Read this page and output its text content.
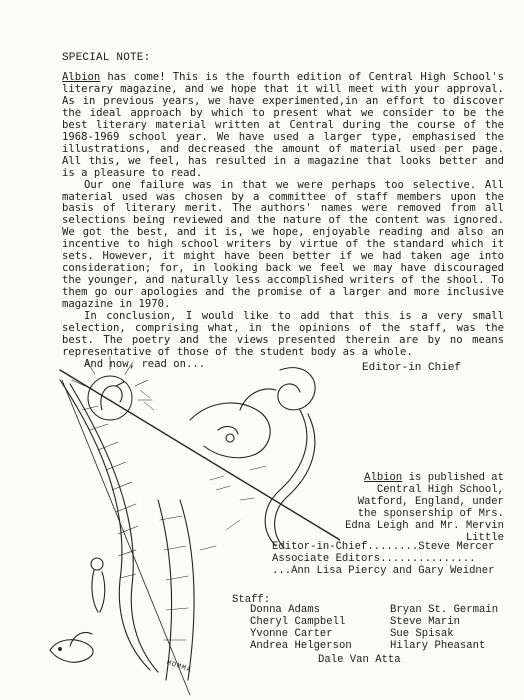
SPECIAL NOTE:

Albion has come! This is the fourth edition of Central High School's literary magazine, and we hope that it will meet with your approval. As in previous years, we have experimented,in an effort to discover the ideal approach by which to present what we consider to be the best literary material written at Central during the course of the 1968-1969 school year. We have used a larger type, emphasised the illustrations, and decreased the amount of material used per page. All this, we feel, has resulted in a magazine that looks better and is a pleasure to read.

Our one failure was in that we were perhaps too selective. All material used was chosen by a committee of staff members upon the basis of literary merit. The authors' names were removed from all selections being reviewed and the nature of the content was ignored. We got the best, and it is, we hope, enjoyable reading and also an incentive to high school writers by virtue of the standard which it sets. However, it might have been better if we had taken age into consideration; for, in looking back we feel we may have discouraged the younger, and naturally less accomplished writers of the shool. To them go our apologies and the promise of a larger and more inclusive magazine in 1970.

In conclusion, I would like to add that this is a very small selection, comprising what, in the opinions of the staff, was the best. The poetry and the views presented therein are by no means representative of those of the student body as a whole.

And now, read on...	Editor-in Chief
Albion is published at Central High School, Watford, England, under the sponsership of Mrs. Edna Leigh and Mr. Mervin Little
Editor-in-Chief........Steve Mercer
Associate Editors...............
...Ann Lisa Piercy and Gary Weidner
Staff:
Donna Adams
Cheryl Campbell
Yvonne Carter
Andrea Helgerson
Bryan St. Germain
Steve Marin
Sue Spisak
Hilary Pheasant
Dale Van Atta
MOMMA
